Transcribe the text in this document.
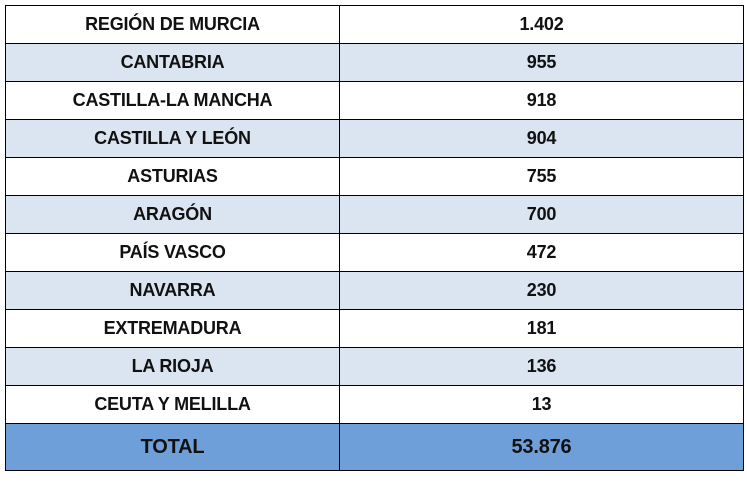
REGIÓN DE MURCIA	1.402
CANTABRIA	955
CASTILLA-LA MANCHA	918
CASTILLA Y LEÓN	904
ASTURIAS	755
ARAGÓN	700
PAÍS VASCO	472
NAVARRA	230
EXTREMADURA	181
LA RIOJA	136
CEUTA Y MELILLA	13
TOTAL	53.876
